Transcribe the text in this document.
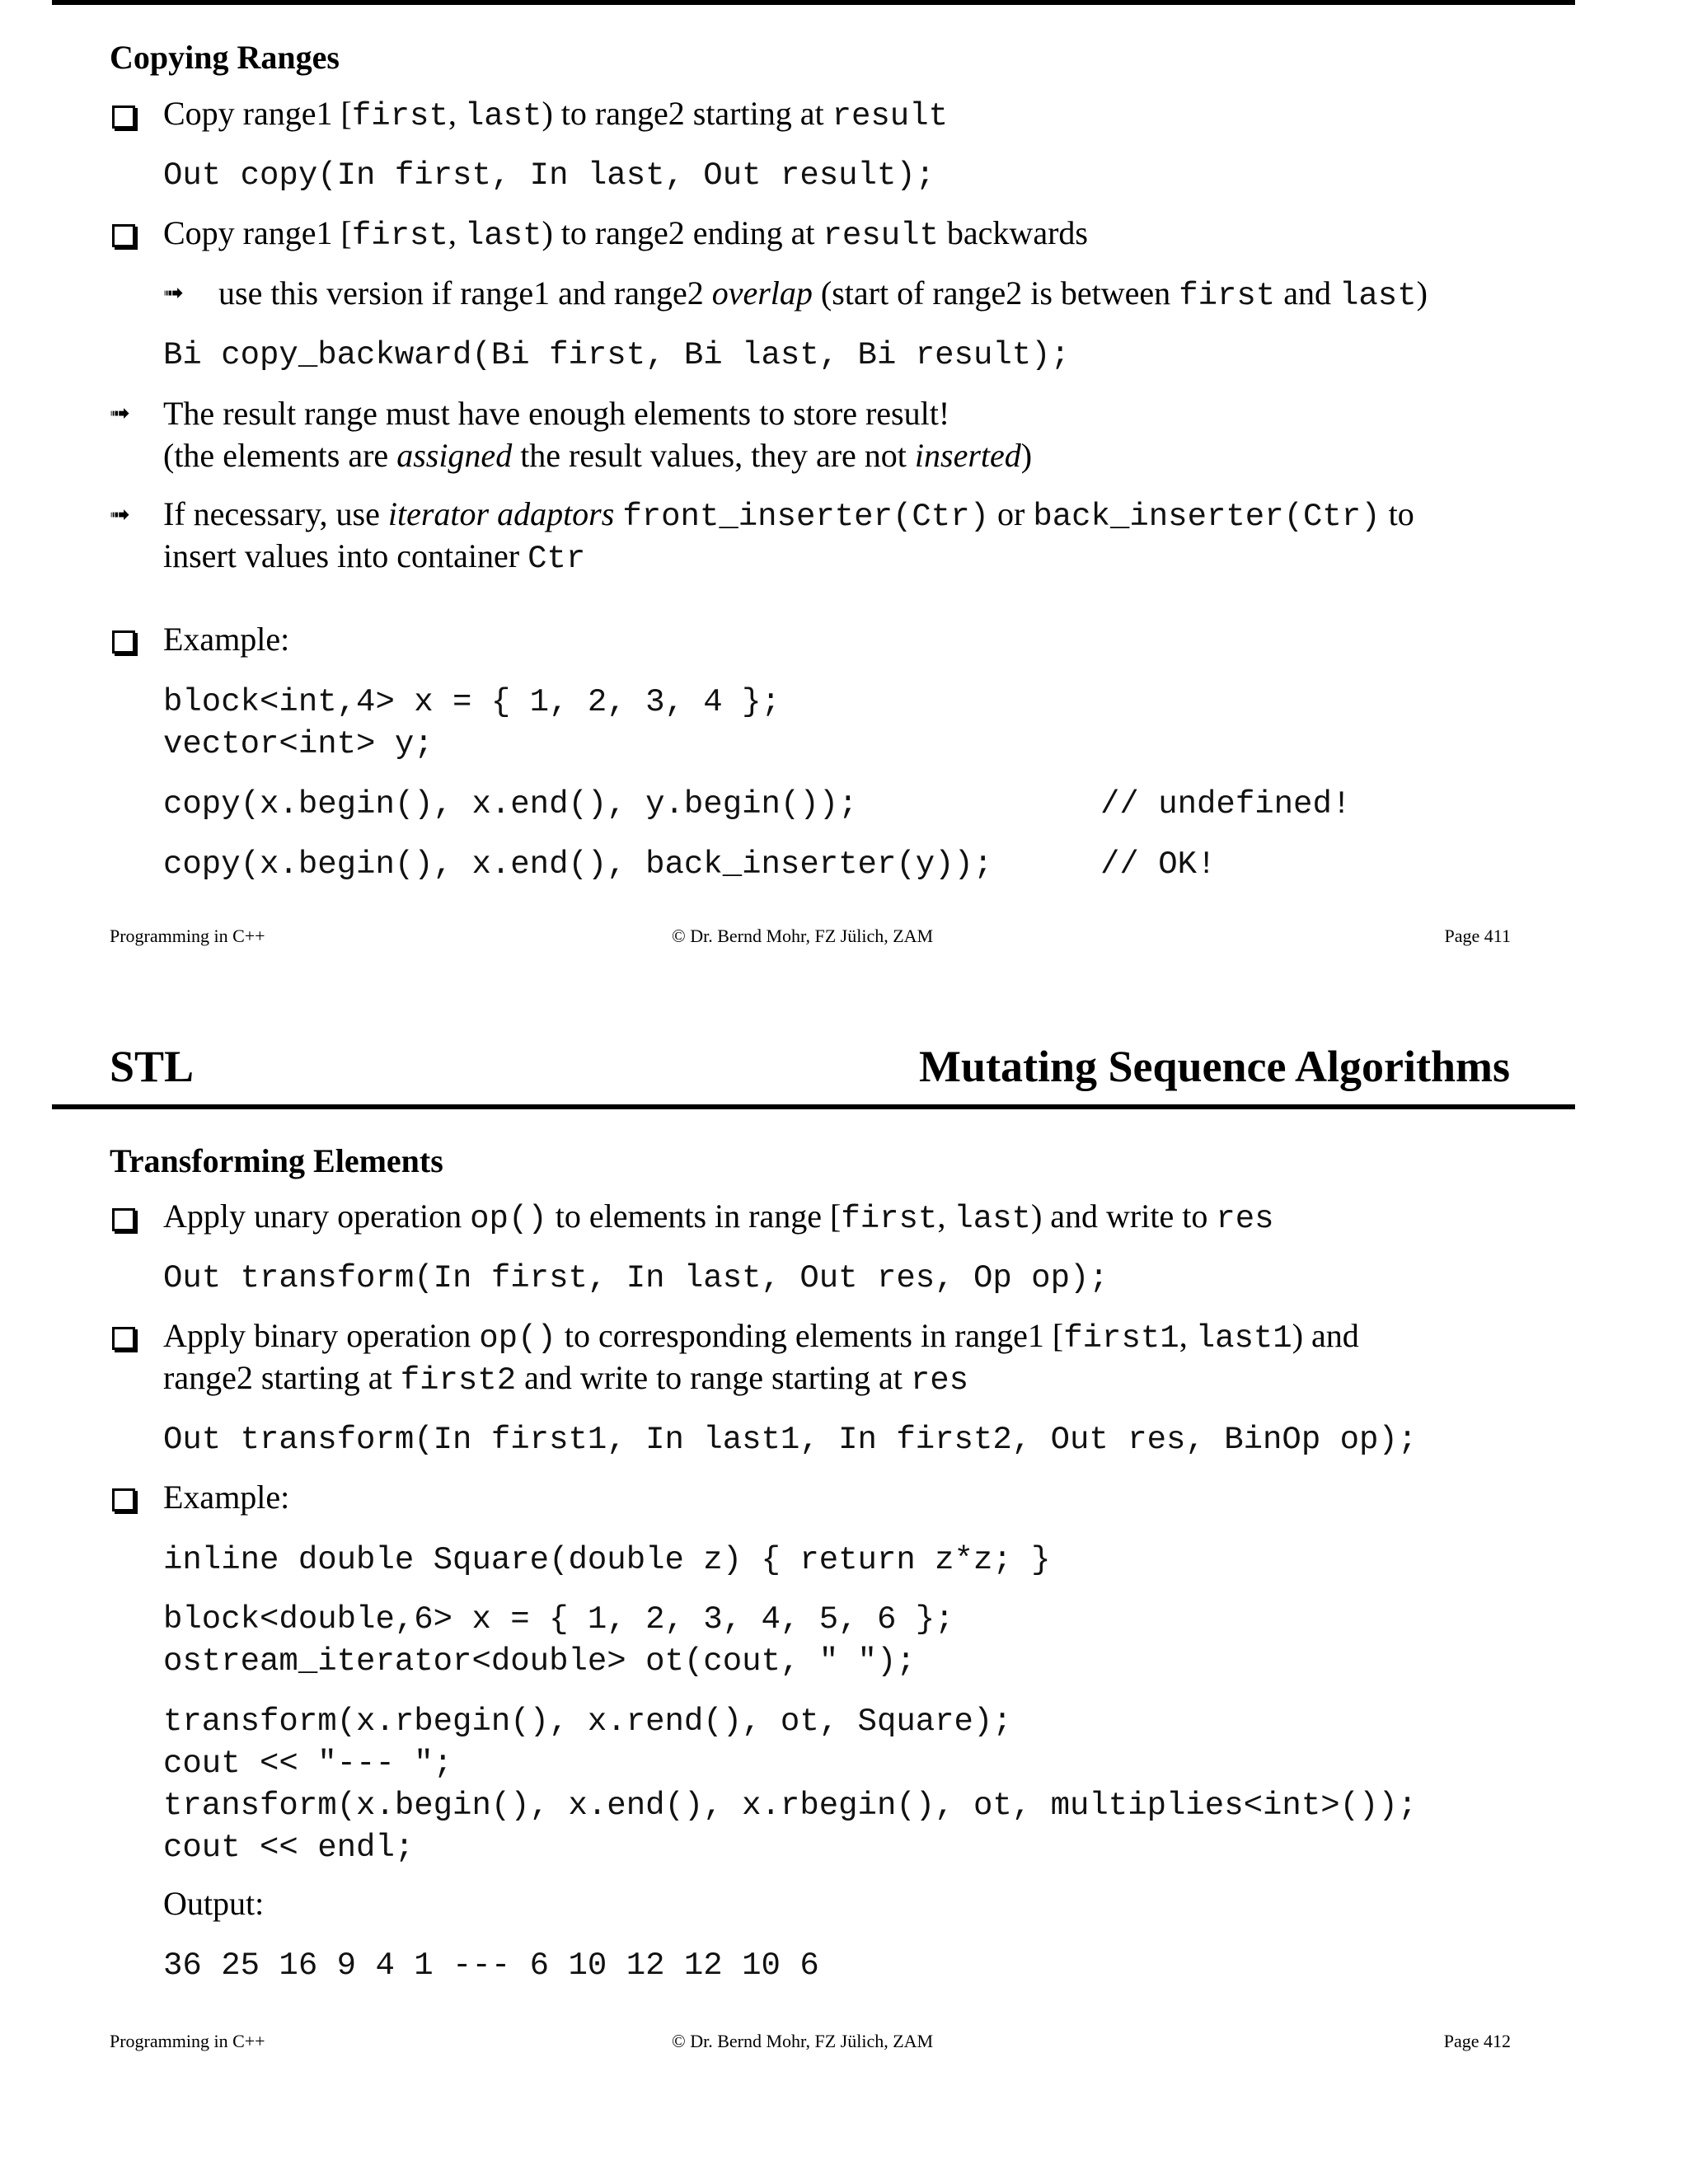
Copying Ranges
Copy range1 [first, last) to range2 starting at result
Out copy(In first, In last, Out result);
Copy range1 [first, last) to range2 ending at result backwards
➟ use this version if range1 and range2 overlap (start of range2 is between first and last)
Bi copy_backward(Bi first, Bi last, Bi result);
➟ The result range must have enough elements to store result!
(the elements are assigned the result values, they are not inserted)
➟ If necessary, use iterator adaptors front_inserter(Ctr) or back_inserter(Ctr) to
insert values into container Ctr
Example:
block<int,4> x = { 1, 2, 3, 4 };
vector<int> y;
copy(x.begin(), x.end(), y.begin());	// undefined!
copy(x.begin(), x.end(), back_inserter(y));	// OK!
Programming in C++	© Dr. Bernd Mohr, FZ Jülich, ZAM	Page 411
STL	Mutating Sequence Algorithms
Transforming Elements
Apply unary operation op() to elements in range [first, last) and write to res
Out transform(In first, In last, Out res, Op op);
Apply binary operation op() to corresponding elements in range1 [first1, last1) and
range2 starting at first2 and write to range starting at res
Out transform(In first1, In last1, In first2, Out res, BinOp op);
Example:
inline double Square(double z) { return z*z; }
block<double,6> x = { 1, 2, 3, 4, 5, 6 };
ostream_iterator<double> ot(cout, " ");
transform(x.rbegin(), x.rend(), ot, Square);
cout << "--- ";
transform(x.begin(), x.end(), x.rbegin(), ot, multiplies<int>());
cout << endl;
Output:
36 25 16 9 4 1 --- 6 10 12 12 10 6
Programming in C++	© Dr. Bernd Mohr, FZ Jülich, ZAM	Page 412
